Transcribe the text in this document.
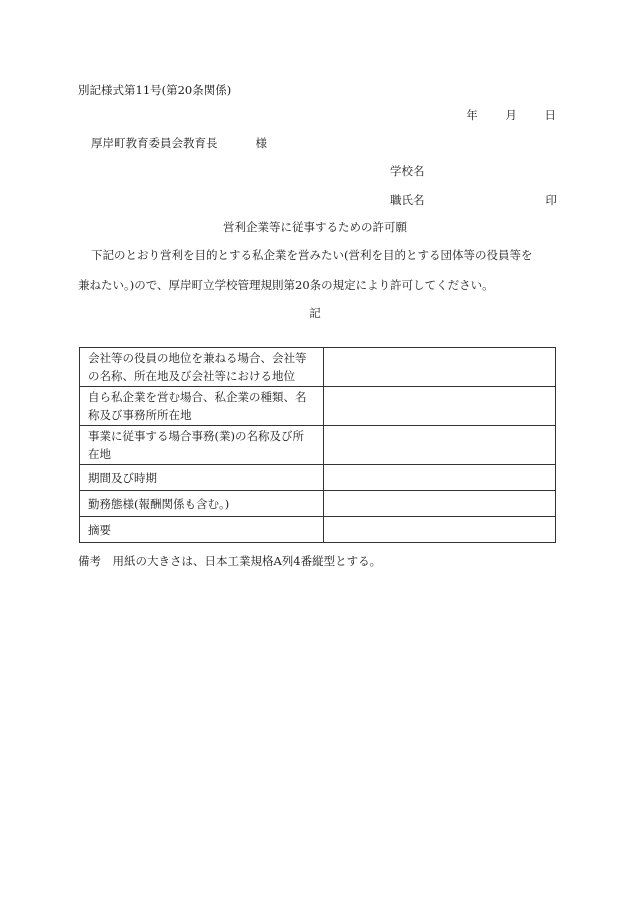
別記様式第11号(第20条関係)
年 月 日
厚岸町教育委員会教育長	様
学校名
職氏名	印
営利企業等に従事するための許可願
下記のとおり営利を目的とする私企業を営みたい(営利を目的とする団体等の役員等を
兼ねたい。)ので、厚岸町立学校管理規則第20条の規定により許可してください。
記
会社等の役員の地位を兼ねる場合、会社等
の名称、所在地及び会社等における地位	
自ら私企業を営む場合、私企業の種類、名
称及び事務所所在地	
事業に従事する場合事務(業)の名称及び所
在地	
期間及び時期	
勤務態様(報酬関係も含む。)	
摘要	
備考　用紙の大きさは、日本工業規格A列4番縦型とする。
